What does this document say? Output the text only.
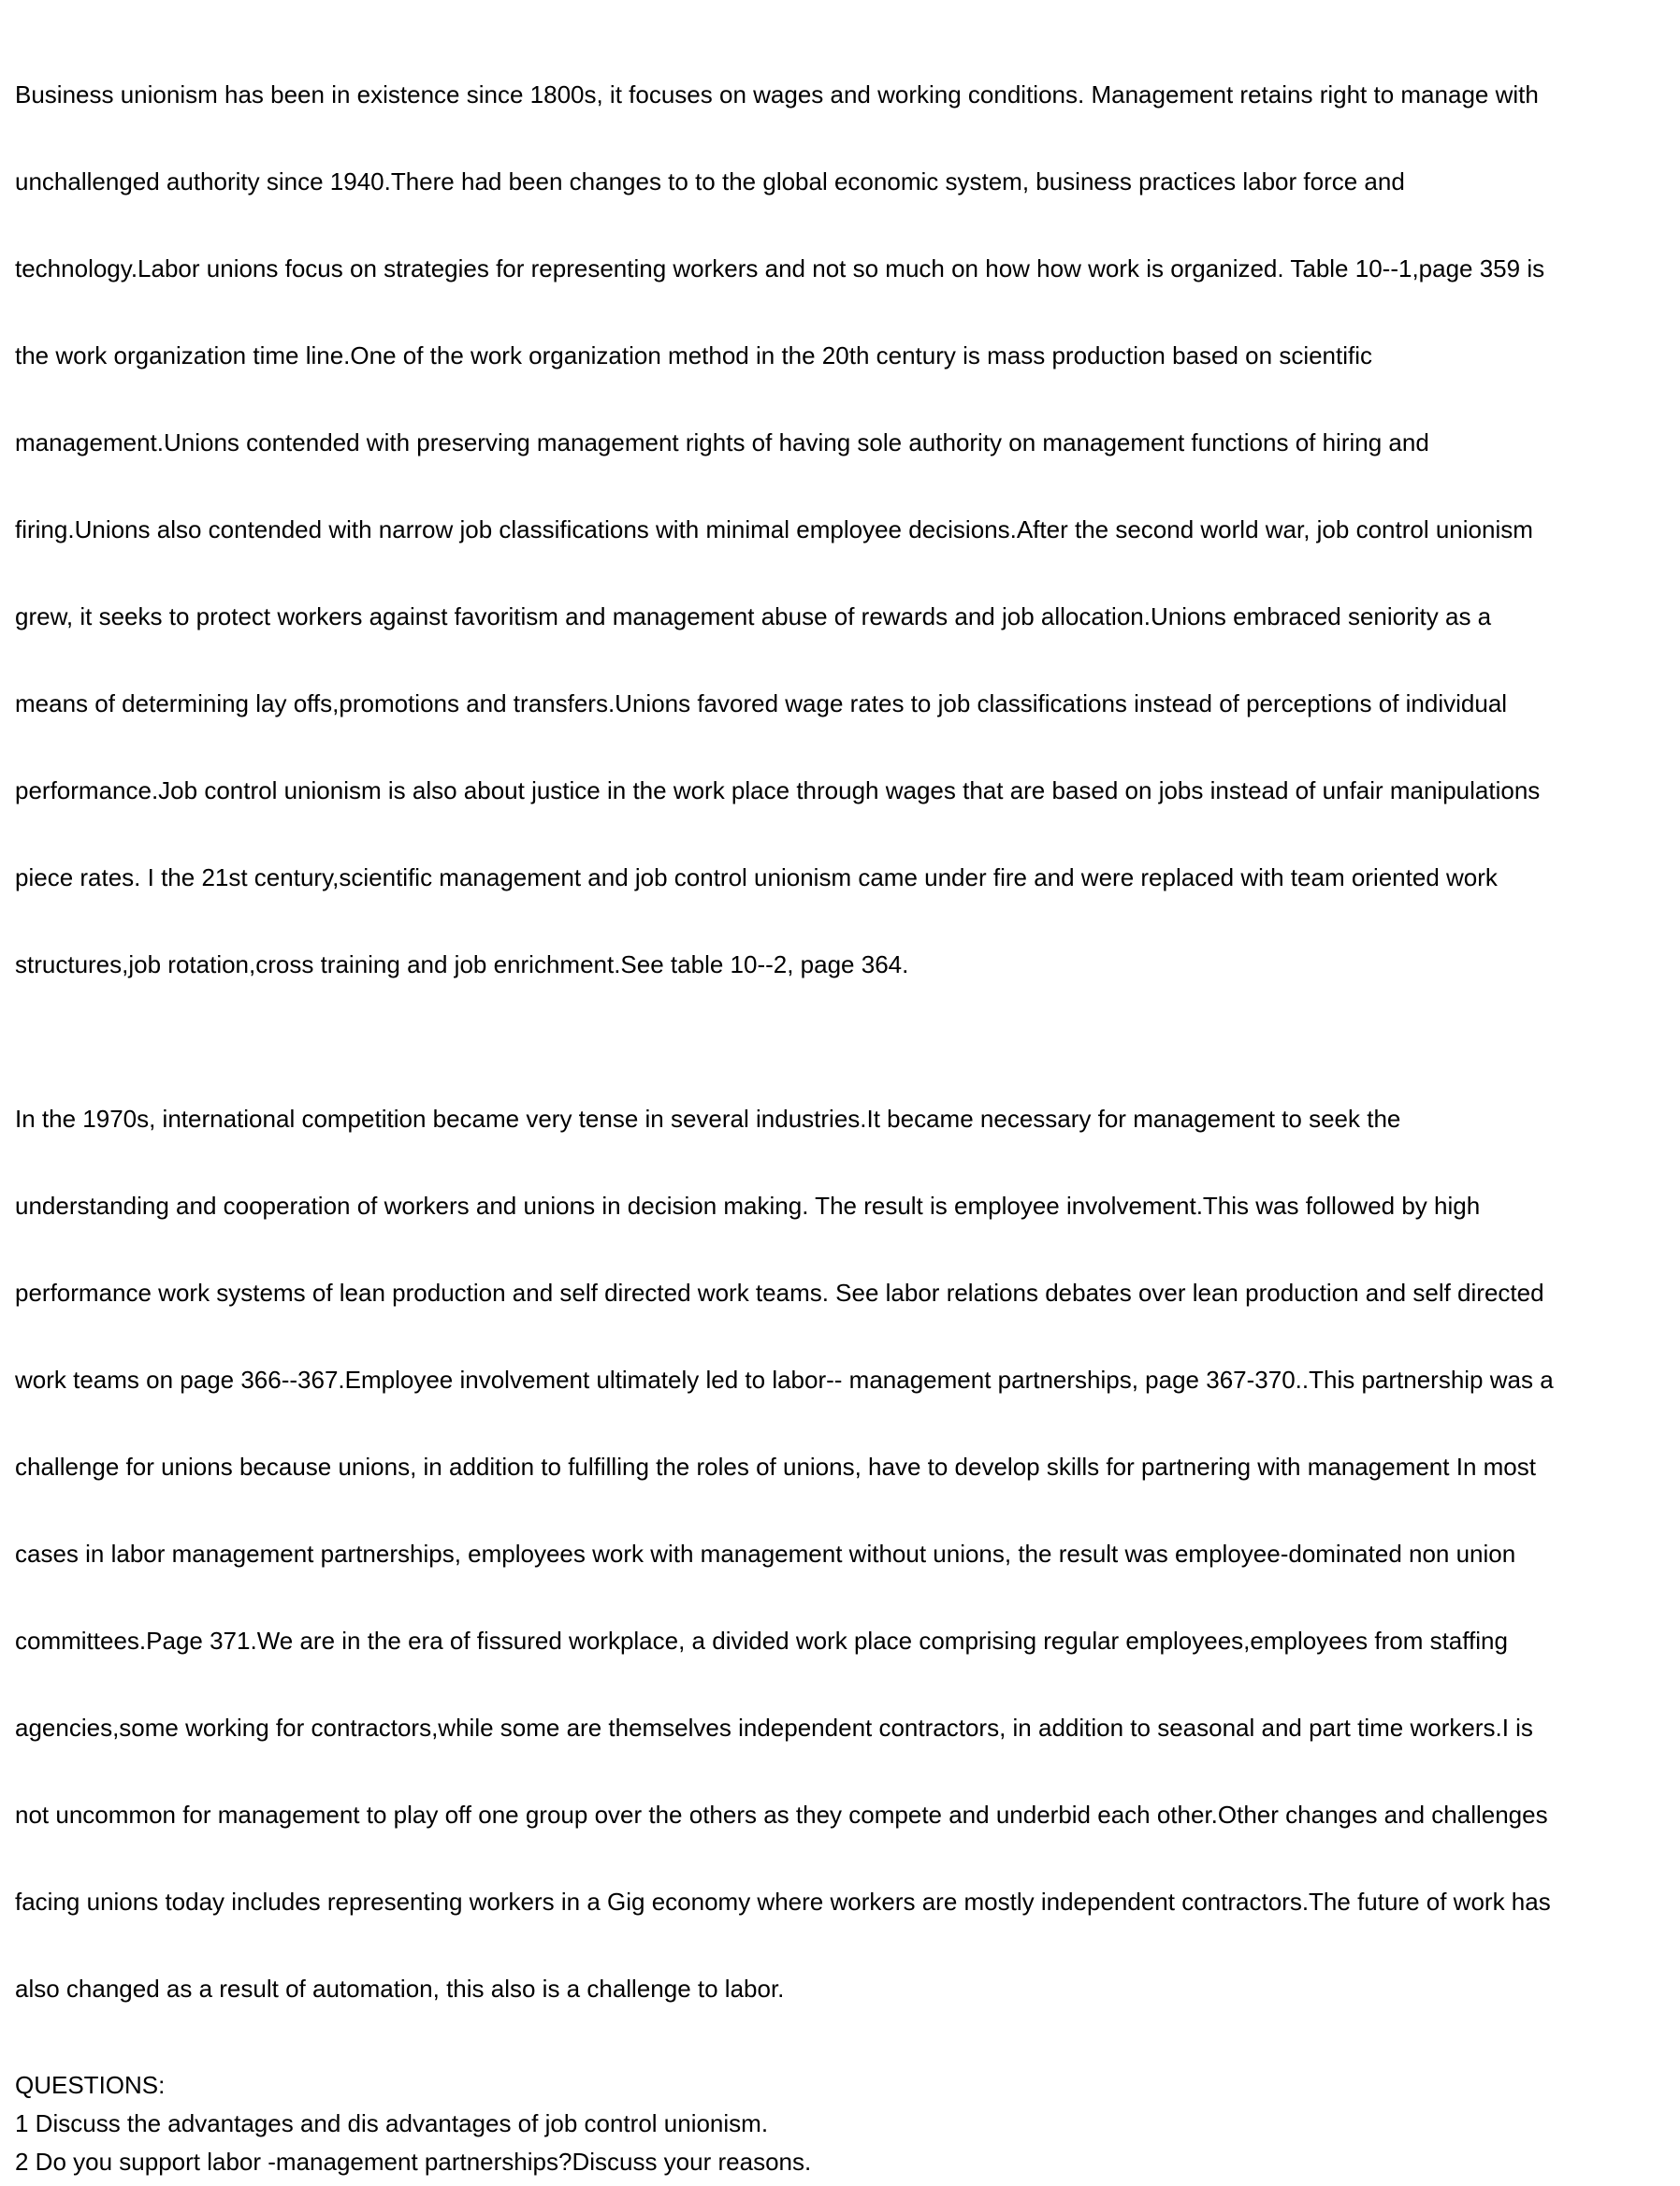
Business unionism has been in existence since 1800s, it focuses on wages and working conditions. Management retains right to manage with

unchallenged authority since 1940.There had been changes to to the global economic system, business practices labor force and

technology.Labor unions focus on strategies for representing workers and not so much on how how work is organized. Table 10--1,page 359 is

the work organization time line.One of the work organization method in the 20th century is mass production based on scientific

management.Unions contended with preserving management rights of having sole authority on management functions of hiring and

firing.Unions also contended with narrow job classifications with minimal employee decisions.After the second world war, job control unionism

grew, it seeks to protect workers against favoritism and management abuse of rewards and job allocation.Unions embraced seniority as a

means of determining lay offs,promotions and transfers.Unions favored wage rates to job classifications instead of perceptions of individual

performance.Job control unionism is also about justice in the work place through wages that are based on jobs instead of unfair manipulations

piece rates. I the 21st century,scientific management and job control unionism came under fire and were replaced with team oriented work

structures,job rotation,cross training and job enrichment.See table 10--2, page 364.

In the 1970s, international competition became very tense in several industries.It became necessary for management to seek the

understanding and cooperation of workers and unions in decision making. The result is employee involvement.This was followed by high

performance work systems of lean production and self directed work teams. See labor relations debates over lean production and self directed

work teams on page 366--367.Employee involvement ultimately led to labor-- management partnerships, page 367-370..This partnership was a

challenge for unions because unions, in addition to fulfilling the roles of unions, have to develop skills for partnering with management In most

cases in labor management partnerships, employees work with management without unions, the result was employee-dominated non union

committees.Page 371.We are in the era of fissured workplace, a divided work place comprising regular employees,employees from staffing

agencies,some working for contractors,while some are themselves independent contractors, in addition to seasonal and part time workers.I is

not uncommon for management to play off one group over the others as they compete and underbid each other.Other changes and challenges

facing unions today includes representing workers in a Gig economy where workers are mostly independent contractors.The future of work has

also changed as a result of automation, this also is a challenge to labor.

QUESTIONS:
1 Discuss the advantages and dis advantages of job control unionism.
2 Do you support labor -management partnerships?Discuss your reasons.
